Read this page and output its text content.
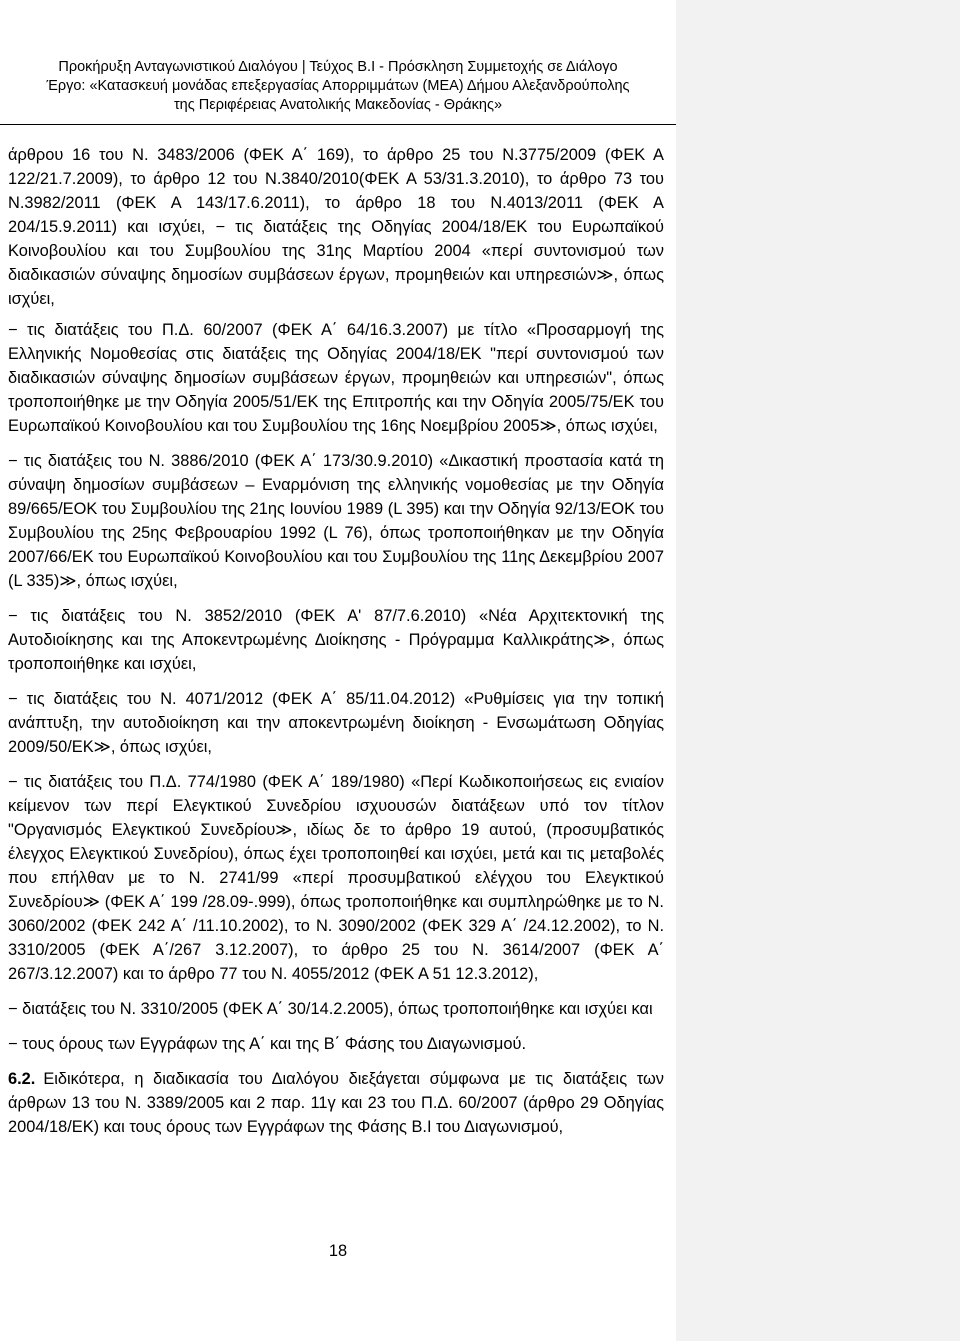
Προκήρυξη Ανταγωνιστικού Διαλόγου | Τεύχος Β.Ι - Πρόσκληση Συμμετοχής σε Διάλογο
Έργο: «Κατασκευή μονάδας επεξεργασίας Απορριμμάτων (ΜΕΑ) Δήμου Αλεξανδρούπολης
της Περιφέρειας Ανατολικής Μακεδονίας - Θράκης»

άρθρου 16 του Ν. 3483/2006 (ΦΕΚ Α΄ 169), το άρθρο 25 του Ν.3775/2009 (ΦΕΚ Α 122/21.7.2009), το άρθρο 12 του Ν.3840/2010(ΦΕΚ Α 53/31.3.2010), το άρθρο 73 του Ν.3982/2011 (ΦΕΚ Α 143/17.6.2011), το άρθρο 18 του Ν.4013/2011 (ΦΕΚ Α 204/15.9.2011) και ισχύει, − τις διατάξεις της Οδηγίας 2004/18/ΕΚ του Ευρωπαϊκού Κοινοβουλίου και του Συμβουλίου της 31ης Μαρτίου 2004 «περί συντονισμού των διαδικασιών σύναψης δημοσίων συμβάσεων έργων, προμηθειών και υπηρεσιών≫, όπως ισχύει,

− τις διατάξεις του Π.Δ. 60/2007 (ΦΕΚ Α΄ 64/16.3.2007) με τίτλο «Προσαρμογή της Ελληνικής Νομοθεσίας στις διατάξεις της Οδηγίας 2004/18/ΕΚ "περί συντονισμού των διαδικασιών σύναψης δημοσίων συμβάσεων έργων, προμηθειών και υπηρεσιών", όπως τροποποιήθηκε με την Οδηγία 2005/51/ΕΚ της Επιτροπής και την Οδηγία 2005/75/ΕΚ του Ευρωπαϊκού Κοινοβουλίου και του Συμβουλίου της 16ης Νοεμβρίου 2005≫, όπως ισχύει,

− τις διατάξεις του Ν. 3886/2010 (ΦΕΚ Α΄ 173/30.9.2010) «Δικαστική προστασία κατά τη σύναψη δημοσίων συμβάσεων – Εναρμόνιση της ελληνικής νομοθεσίας με την Οδηγία 89/665/ΕΟΚ του Συμβουλίου της 21ης Ιουνίου 1989 (L 395) και την Οδηγία 92/13/ΕΟΚ του Συμβουλίου της 25ης Φεβρουαρίου 1992 (L 76), όπως τροποποιήθηκαν με την Οδηγία 2007/66/ΕΚ του Ευρωπαϊκού Κοινοβουλίου και του Συμβουλίου της 11ης Δεκεμβρίου 2007 (L 335)≫, όπως ισχύει,

− τις διατάξεις του Ν. 3852/2010 (ΦΕΚ Α' 87/7.6.2010) «Νέα Αρχιτεκτονική της Αυτοδιοίκησης και της Αποκεντρωμένης Διοίκησης - Πρόγραμμα Καλλικράτης≫, όπως τροποποιήθηκε και ισχύει,

− τις διατάξεις του Ν. 4071/2012 (ΦΕΚ Α΄ 85/11.04.2012) «Ρυθμίσεις για την τοπική ανάπτυξη, την αυτοδιοίκηση και την αποκεντρωμένη διοίκηση - Ενσωμάτωση Οδηγίας 2009/50/ΕΚ≫, όπως ισχύει,

− τις διατάξεις του Π.Δ. 774/1980 (ΦΕΚ Α΄ 189/1980) «Περί Κωδικοποιήσεως εις ενιαίον κείμενον των περί Ελεγκτικού Συνεδρίου ισχυουσών διατάξεων υπό τον τίτλον "Οργανισμός Ελεγκτικού Συνεδρίου≫, ιδίως δε το άρθρο 19 αυτού, (προσυμβατικός έλεγχος Ελεγκτικού Συνεδρίου), όπως έχει τροποποιηθεί και ισχύει, μετά και τις μεταβολές που επήλθαν με το Ν. 2741/99 «περί προσυμβατικού ελέγχου του Ελεγκτικού Συνεδρίου≫ (ΦΕΚ Α΄ 199 /28.09-.999), όπως τροποποιήθηκε και συμπληρώθηκε με το Ν. 3060/2002 (ΦΕΚ 242 Α΄ /11.10.2002), το Ν. 3090/2002 (ΦΕΚ 329 Α΄ /24.12.2002), το Ν. 3310/2005 (ΦΕΚ Α΄/267 3.12.2007), το άρθρο 25 του Ν. 3614/2007 (ΦΕΚ Α΄ 267/3.12.2007) και το άρθρο 77 του Ν. 4055/2012 (ΦΕΚ Α 51 12.3.2012),

− διατάξεις του Ν. 3310/2005 (ΦΕΚ Α΄ 30/14.2.2005), όπως τροποποιήθηκε και ισχύει και

− τους όρους των Εγγράφων της Α΄ και της Β΄ Φάσης του Διαγωνισμού.

6.2. Ειδικότερα, η διαδικασία του Διαλόγου διεξάγεται σύμφωνα με τις διατάξεις των άρθρων 13 του Ν. 3389/2005 και 2 παρ. 11γ και 23 του Π.Δ. 60/2007 (άρθρο 29 Οδηγίας 2004/18/ΕΚ) και τους όρους των Εγγράφων της Φάσης Β.Ι του Διαγωνισμού,

18
